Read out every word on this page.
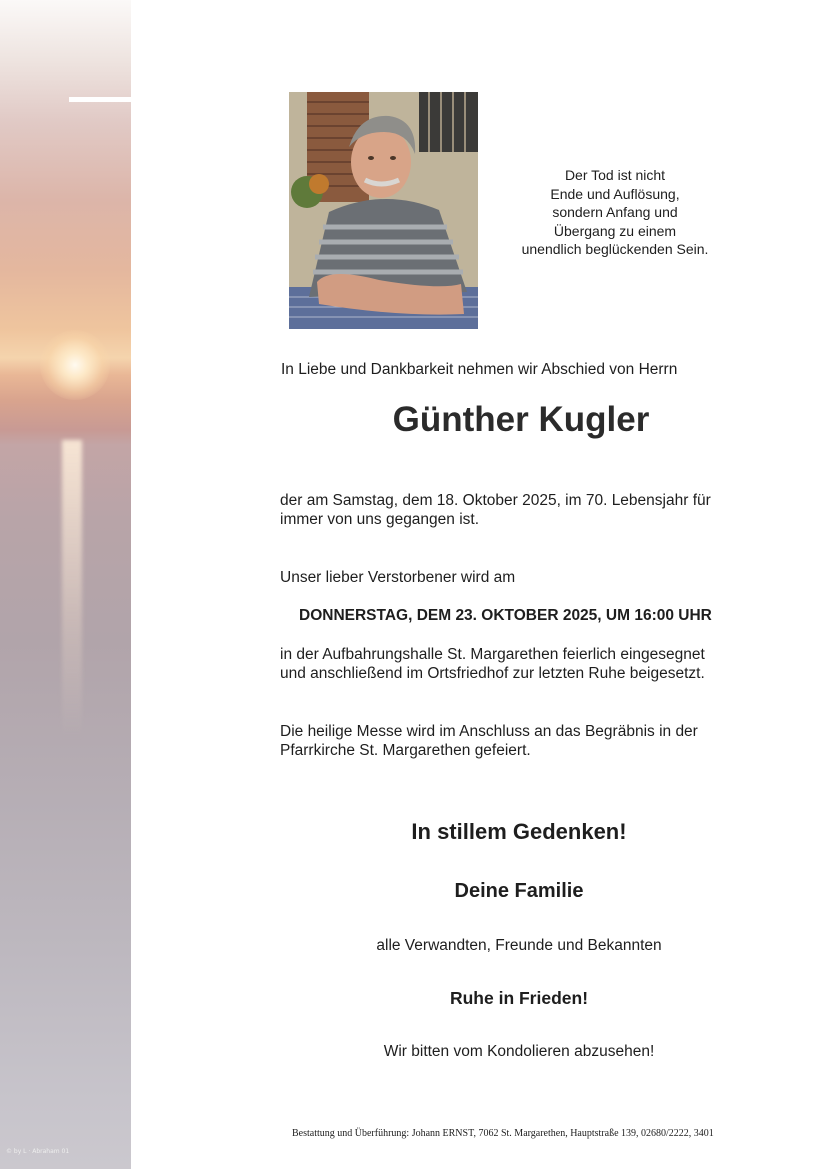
© by L · Abraham 01
Der Tod ist nicht
Ende und Auflösung,
sondern Anfang und
Übergang zu einem
unendlich beglückenden Sein.
In Liebe und Dankbarkeit nehmen wir Abschied von Herrn
Günther Kugler
der am Samstag, dem 18. Oktober 2025, im 70. Lebensjahr für
immer von uns gegangen ist.
Unser lieber Verstorbener wird am
DONNERSTAG, DEM 23. OKTOBER 2025, UM 16:00 UHR
in der Aufbahrungshalle St. Margarethen feierlich eingesegnet
und anschließend im Ortsfriedhof zur letzten Ruhe beigesetzt.
Die heilige Messe wird im Anschluss an das Begräbnis in der
Pfarrkirche St. Margarethen gefeiert.
In stillem Gedenken!
Deine Familie
alle Verwandten, Freunde und Bekannten
Ruhe in Frieden!
Wir bitten vom Kondolieren abzusehen!
Bestattung und Überführung: Johann ERNST, 7062 St. Margarethen, Hauptstraße 139, 02680/2222, 3401
